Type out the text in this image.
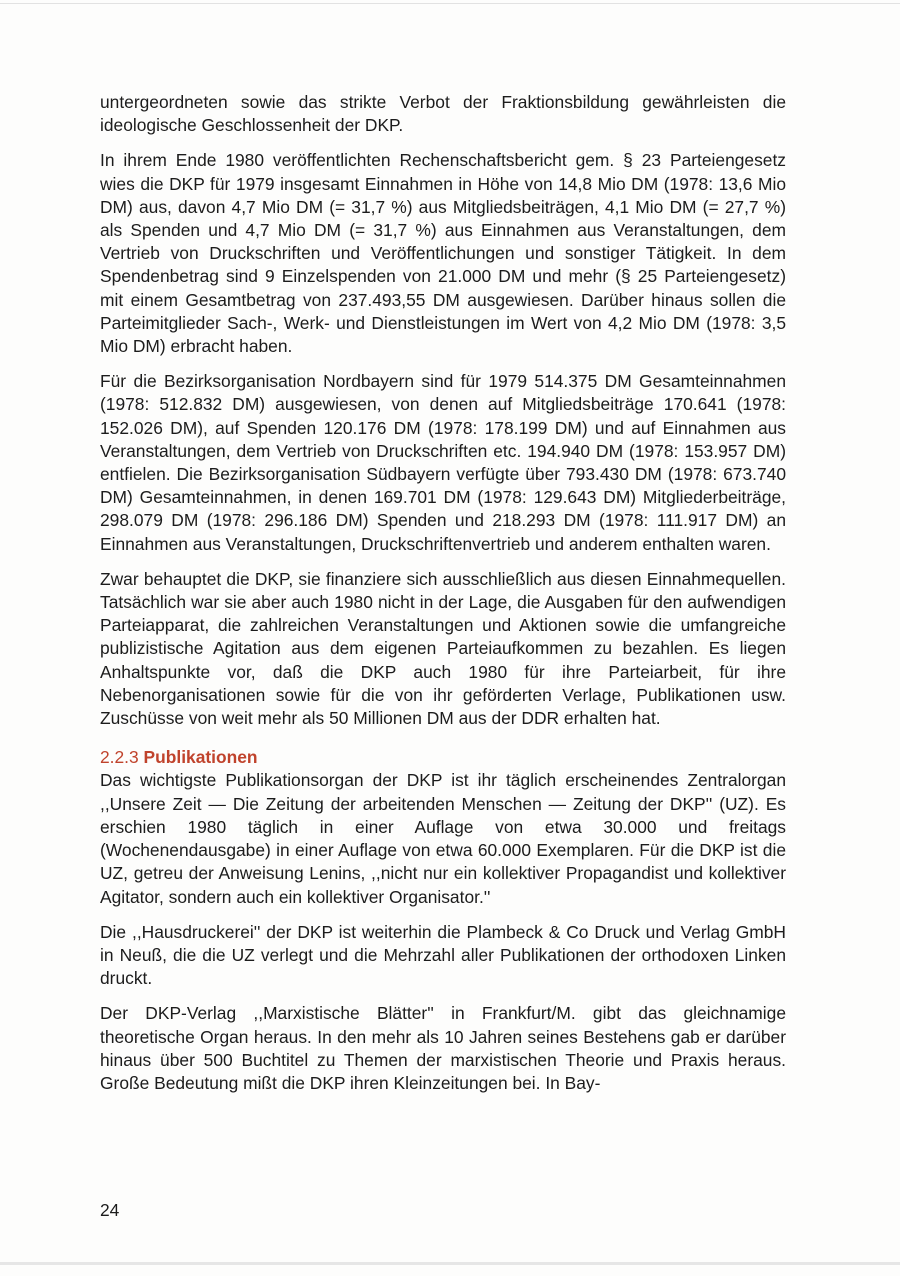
untergeordneten sowie das strikte Verbot der Fraktionsbildung gewährleisten die ideologische Geschlossenheit der DKP.

In ihrem Ende 1980 veröffentlichten Rechenschaftsbericht gem. § 23 Parteiengesetz wies die DKP für 1979 insgesamt Einnahmen in Höhe von 14,8 Mio DM (1978: 13,6 Mio DM) aus, davon 4,7 Mio DM (= 31,7 %) aus Mitgliedsbeiträgen, 4,1 Mio DM (= 27,7 %) als Spenden und 4,7 Mio DM (= 31,7 %) aus Einnahmen aus Veranstaltungen, dem Vertrieb von Druckschriften und Veröffentlichungen und sonstiger Tätigkeit. In dem Spendenbetrag sind 9 Einzelspenden von 21.000 DM und mehr (§ 25 Parteiengesetz) mit einem Gesamtbetrag von 237.493,55 DM ausgewiesen. Darüber hinaus sollen die Parteimitglieder Sach-, Werk- und Dienstleistungen im Wert von 4,2 Mio DM (1978: 3,5 Mio DM) erbracht haben.

Für die Bezirksorganisation Nordbayern sind für 1979 514.375 DM Gesamteinnahmen (1978: 512.832 DM) ausgewiesen, von denen auf Mitgliedsbeiträge 170.641 (1978: 152.026 DM), auf Spenden 120.176 DM (1978: 178.199 DM) und auf Einnahmen aus Veranstaltungen, dem Vertrieb von Druckschriften etc. 194.940 DM (1978: 153.957 DM) entfielen. Die Bezirksorganisation Südbayern verfügte über 793.430 DM (1978: 673.740 DM) Gesamteinnahmen, in denen 169.701 DM (1978: 129.643 DM) Mitgliederbeiträge, 298.079 DM (1978: 296.186 DM) Spenden und 218.293 DM (1978: 111.917 DM) an Einnahmen aus Veranstaltungen, Druckschriftenvertrieb und anderem enthalten waren.

Zwar behauptet die DKP, sie finanziere sich ausschließlich aus diesen Einnahmequellen. Tatsächlich war sie aber auch 1980 nicht in der Lage, die Ausgaben für den aufwendigen Parteiapparat, die zahlreichen Veranstaltungen und Aktionen sowie die umfangreiche publizistische Agitation aus dem eigenen Parteiaufkommen zu bezahlen. Es liegen Anhaltspunkte vor, daß die DKP auch 1980 für ihre Parteiarbeit, für ihre Nebenorganisationen sowie für die von ihr geförderten Verlage, Publikationen usw. Zuschüsse von weit mehr als 50 Millionen DM aus der DDR erhalten hat.

2.2.3 Publikationen

Das wichtigste Publikationsorgan der DKP ist ihr täglich erscheinendes Zentralorgan ,,Unsere Zeit — Die Zeitung der arbeitenden Menschen — Zeitung der DKP'' (UZ). Es erschien 1980 täglich in einer Auflage von etwa 30.000 und freitags (Wochenendausgabe) in einer Auflage von etwa 60.000 Exemplaren. Für die DKP ist die UZ, getreu der Anweisung Lenins, ,,nicht nur ein kollektiver Propagandist und kollektiver Agitator, sondern auch ein kollektiver Organisator.''

Die ,,Hausdruckerei'' der DKP ist weiterhin die Plambeck & Co Druck und Verlag GmbH in Neuß, die die UZ verlegt und die Mehrzahl aller Publikationen der orthodoxen Linken druckt.

Der DKP-Verlag ,,Marxistische Blätter'' in Frankfurt/M. gibt das gleichnamige theoretische Organ heraus. In den mehr als 10 Jahren seines Bestehens gab er darüber hinaus über 500 Buchtitel zu Themen der marxistischen Theorie und Praxis heraus. Große Bedeutung mißt die DKP ihren Kleinzeitungen bei. In Bay-

24
